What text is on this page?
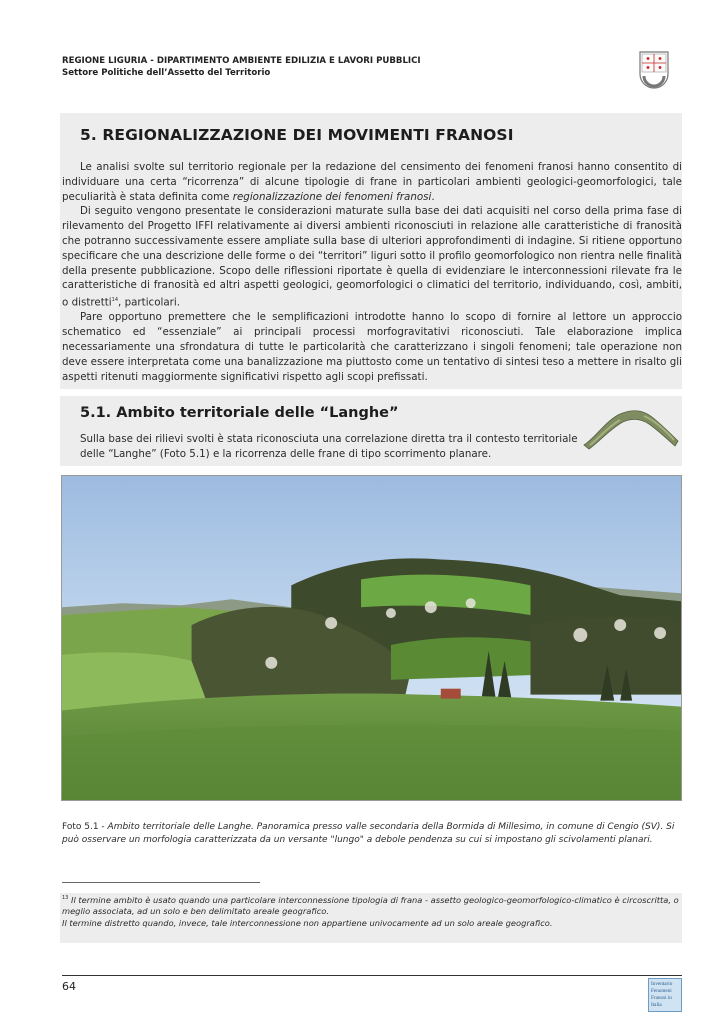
REGIONE LIGURIA - DIPARTIMENTO AMBIENTE EDILIZIA E LAVORI PUBBLICI
Settore Politiche dell’Assetto del Territorio
5. REGIONALIZZAZIONE DEI MOVIMENTI FRANOSI

Le analisi svolte sul territorio regionale per la redazione del censimento dei fenomeni franosi hanno consentito di individuare una certa “ricorrenza” di alcune tipologie di frane in particolari ambienti geologici-geomorfologici, tale peculiarità è stata definita come regionalizzazione dei fenomeni franosi.

Di seguito vengono presentate le considerazioni maturate sulla base dei dati acquisiti nel corso della prima fase di rilevamento del Progetto IFFI relativamente ai diversi ambienti riconosciuti in relazione alle caratteristiche di franosità che potranno successivamente essere ampliate sulla base di ulteriori approfondimenti di indagine. Si ritiene opportuno specificare che una descrizione delle forme o dei “territori” liguri sotto il profilo geomorfologico non rientra nelle finalità della presente pubblicazione. Scopo delle riflessioni riportate è quella di evidenziare le interconnessioni rilevate fra le caratteristiche di franosità ed altri aspetti geologici, geomorfologici o climatici del territorio, individuando, così, ambiti, o distretti$^{14}$, particolari.

Pare opportuno premettere che le semplificazioni introdotte hanno lo scopo di fornire al lettore un approccio schematico ed “essenziale” ai principali processi morfogravitativi riconosciuti. Tale elaborazione implica necessariamente una sfrondatura di tutte le particolarità che caratterizzano i singoli fenomeni; tale operazione non deve essere interpretata come una banalizzazione ma piuttosto come un tentativo di sintesi teso a mettere in risalto gli aspetti ritenuti maggiormente significativi rispetto agli scopi prefissati.

5.1. Ambito territoriale delle “Langhe”

Sulla base dei rilievi svolti è stata riconosciuta una correlazione diretta tra il contesto territoriale delle “Langhe” (Foto 5.1) e la ricorrenza delle frane di tipo scorrimento planare.

Foto 5.1 - Ambito territoriale delle Langhe. Panoramica presso valle secondaria della Bormida di Millesimo, in comune di Cengio (SV). Si può osservare un morfologia caratterizzata da un versante "lungo" a debole pendenza su cui si impostano gli scivolamenti planari.

$^{13}$ Il termine ambito è usato quando una particolare interconnessione tipologia di frana - assetto geologico-geomorfologico-climatico è circoscritta, o meglio associata, ad un solo e ben delimitato areale geografico.
Il termine distretto quando, invece, tale interconnessione non appartiene univocamente ad un solo areale geografico.
64	Inventario
Fenomeni
Franosi in
Italia
